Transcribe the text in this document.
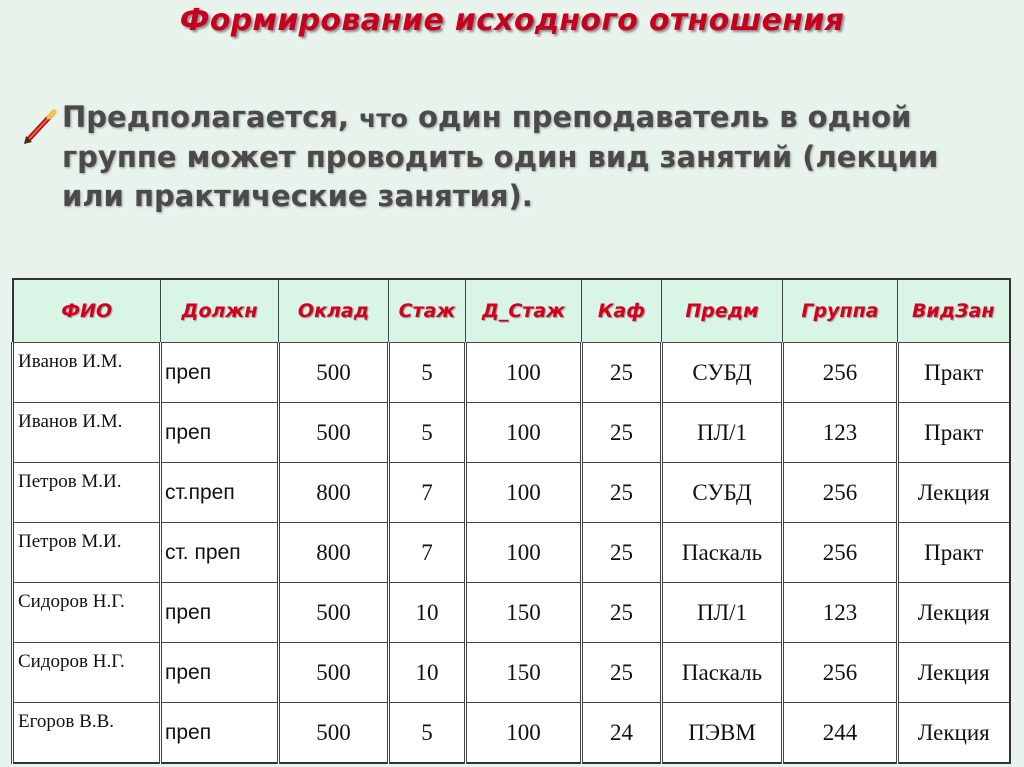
Формирование исходного отношения
Предполагается, что один преподаватель в одной группе может проводить один вид занятий (лекции или практические занятия).
ФИО	Должн	Оклад	Стаж	Д_Стаж	Каф	Предм	Группа	ВидЗан
Иванов И.М.	преп	500	5	100	25	СУБД	256	Практ
Иванов И.М.	преп	500	5	100	25	ПЛ/1	123	Практ
Петров М.И.	ст.преп	800	7	100	25	СУБД	256	Лекция
Петров М.И.	ст. преп	800	7	100	25	Паскаль	256	Практ
Сидоров Н.Г.	преп	500	10	150	25	ПЛ/1	123	Лекция
Сидоров Н.Г.	преп	500	10	150	25	Паскаль	256	Лекция
Егоров В.В.	преп	500	5	100	24	ПЭВМ	244	Лекция
